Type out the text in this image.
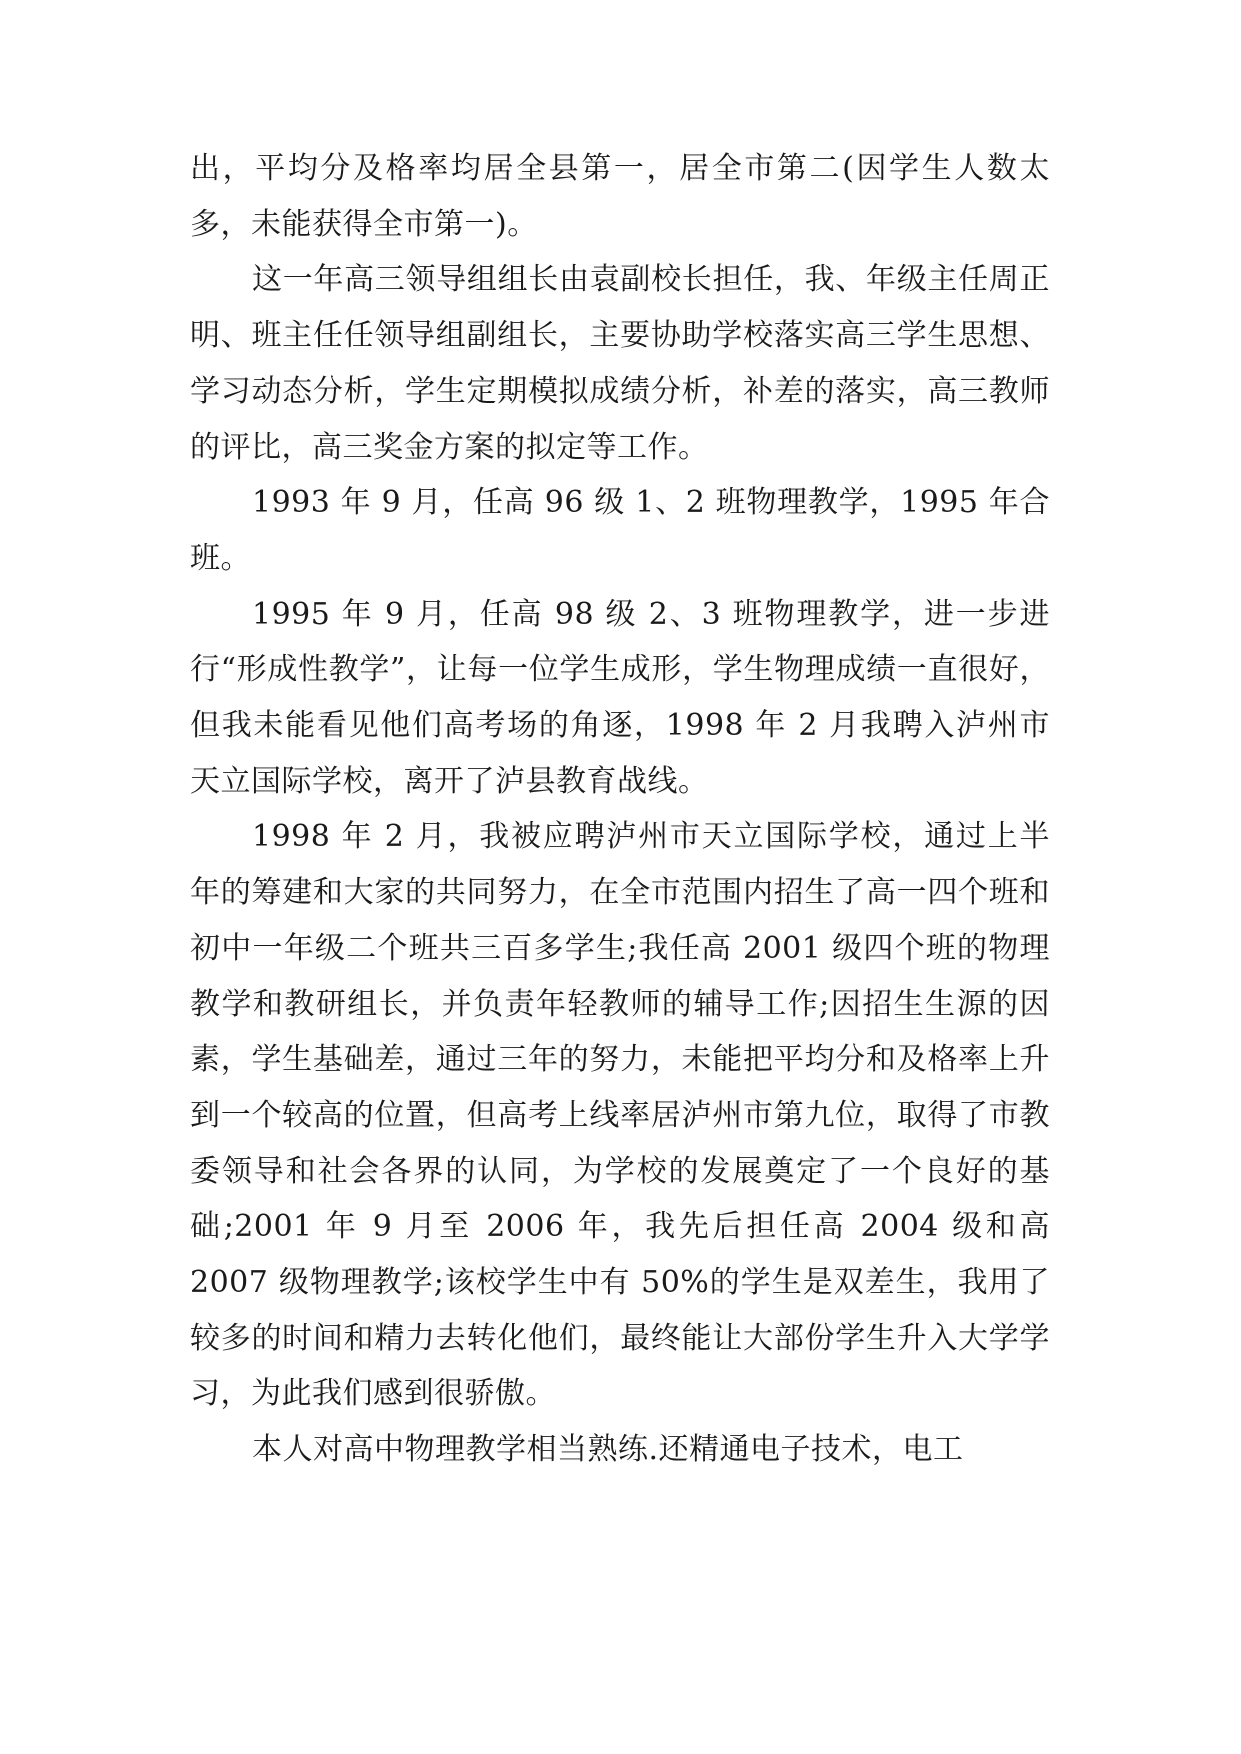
出，平均分及格率均居全县第一，居全市第二(因学生人数太多，未能获得全市第一)。

这一年高三领导组组长由袁副校长担任，我、年级主任周正明、班主任任领导组副组长，主要协助学校落实高三学生思想、学习动态分析，学生定期模拟成绩分析，补差的落实，高三教师的评比，高三奖金方案的拟定等工作。

1993 年 9 月，任高 96 级 1、2 班物理教学，1995 年合班。

1995 年 9 月，任高 98 级 2、3 班物理教学，进一步进行“形成性教学”，让每一位学生成形，学生物理成绩一直很好，但我未能看见他们高考场的角逐，1998 年 2 月我聘入泸州市天立国际学校，离开了泸县教育战线。

1998 年 2 月，我被应聘泸州市天立国际学校，通过上半年的筹建和大家的共同努力，在全市范围内招生了高一四个班和初中一年级二个班共三百多学生;我任高 2001 级四个班的物理教学和教研组长，并负责年轻教师的辅导工作;因招生生源的因素，学生基础差，通过三年的努力，未能把平均分和及格率上升到一个较高的位置，但高考上线率居泸州市第九位，取得了市教委领导和社会各界的认同，为学校的发展奠定了一个良好的基础;2001 年 9 月至 2006 年，我先后担任高 2004 级和高 2007 级物理教学;该校学生中有 50%的学生是双差生，我用了较多的时间和精力去转化他们，最终能让大部份学生升入大学学习，为此我们感到很骄傲。

本人对高中物理教学相当熟练.还精通电子技术，电工
